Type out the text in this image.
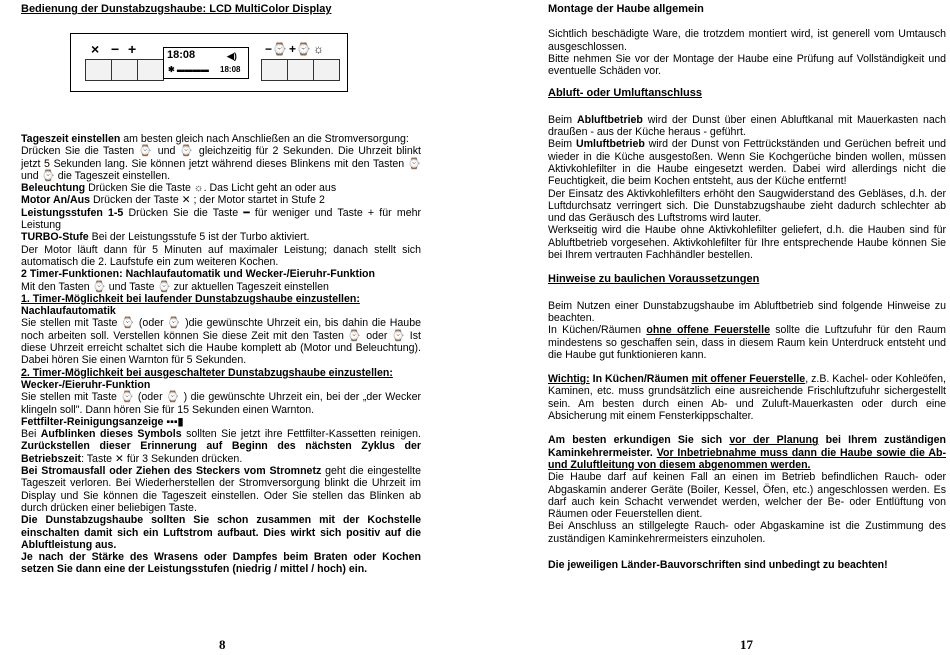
Bedienung der Dunstabzugshaube: LCD MultiColor Display
× − +	18:08	◀)
✱ ▬▬▬▬ 18:08
−⌚ +⌚ ☼

Tageszeit einstellen am besten gleich nach Anschließen an die Stromversorgung:

Drücken Sie die Tasten ⌚ und ⌚ gleichzeitig für 2 Sekunden. Die Uhrzeit blinkt jetzt 5 Sekunden lang. Sie können jetzt während dieses Blinkens mit den Tasten ⌚ und ⌚ die Tageszeit einstellen.

Beleuchtung Drücken Sie die Taste ☼. Das Licht geht an oder aus

Motor An/Aus Drücken der Taste ✕ ; der Motor startet in Stufe 2

Leistungsstufen 1-5 Drücken Sie die Taste ━ für weniger und Taste + für mehr Leistung

TURBO-Stufe Bei der Leistungsstufe 5 ist der Turbo aktiviert.

Der Motor läuft dann für 5 Minuten auf maximaler Leistung; danach stellt sich automatisch die 2. Laufstufe ein zum weiteren Kochen.

2 Timer-Funktionen: Nachlaufautomatik und Wecker-/Eieruhr-Funktion

Mit den Tasten ⌚ und Taste ⌚ zur aktuellen Tageszeit einstellen

1. Timer-Möglichkeit bei laufender Dunstabzugshaube einzustellen:

Nachlaufautomatik

Sie stellen mit Taste ⌚ (oder ⌚ )die gewünschte Uhrzeit ein, bis dahin die Haube noch arbeiten soll. Verstellen können Sie diese Zeit mit den Tasten ⌚ oder ⌚ Ist diese Uhrzeit erreicht schaltet sich die Haube komplett ab (Motor und Beleuchtung). Dabei hören Sie einen Warnton für 5 Sekunden.

2. Timer-Möglichkeit bei ausgeschalteter Dunstabzugshaube einzustellen:

Wecker-/Eieruhr-Funktion

Sie stellen mit Taste ⌚ (oder ⌚ ) die gewünschte Uhrzeit ein, bei der „der Wecker klingeln soll". Dann hören Sie für 15 Sekunden einen Warnton.

Fettfilter-Reinigungsanzeige ▪▪▪▮

Bei Aufblinken dieses Symbols sollten Sie jetzt ihre Fettfilter-Kassetten reinigen. Zurückstellen dieser Erinnerung auf Beginn des nächsten Zyklus der Betriebszeit: Taste ✕ für 3 Sekunden drücken.

Bei Stromausfall oder Ziehen des Steckers vom Stromnetz geht die eingestellte Tageszeit verloren. Bei Wiederherstellen der Stromversorgung blinkt die Uhrzeit im Display und Sie können die Tageszeit einstellen. Oder Sie stellen das Blinken ab durch drücken einer beliebigen Taste.

Die Dunstabzugshaube sollten Sie schon zusammen mit der Kochstelle einschalten damit sich ein Luftstrom aufbaut. Dies wirkt sich positiv auf die Abluftleistung aus.

Je nach der Stärke des Wrasens oder Dampfes beim Braten oder Kochen setzen Sie dann eine der Leistungsstufen (niedrig / mittel / hoch) ein.

8

Montage der Haube allgemein

Sichtlich beschädigte Ware, die trotzdem montiert wird, ist generell vom Umtausch ausgeschlossen.

Bitte nehmen Sie vor der Montage der Haube eine Prüfung auf Vollständigkeit und eventuelle Schäden vor.

Abluft- oder Umluftanschluss

Beim Abluftbetrieb wird der Dunst über einen Abluftkanal mit Mauerkasten nach draußen - aus der Küche heraus - geführt.

Beim Umluftbetrieb wird der Dunst von Fettrückständen und Gerüchen befreit und wieder in die Küche ausgestoßen. Wenn Sie Kochgerüche binden wollen, müssen Aktivkohlefilter in die Haube eingesetzt werden. Dabei wird allerdings nicht die Feuchtigkeit, die beim Kochen entsteht, aus der Küche entfernt!

Der Einsatz des Aktivkohlefilters erhöht den Saugwiderstand des Gebläses, d.h. der Luftdurchsatz verringert sich. Die Dunstabzugshaube zieht dadurch schlechter ab und das Geräusch des Luftstroms wird lauter.

Werkseitig wird die Haube ohne Aktivkohlefilter geliefert, d.h. die Hauben sind für Abluftbetrieb vorgesehen. Aktivkohlefilter für Ihre entsprechende Haube können Sie bei Ihrem vertrauten Fachhändler bestellen.

Hinweise zu baulichen Voraussetzungen

Beim Nutzen einer Dunstabzugshaube im Abluftbetrieb sind folgende Hinweise zu beachten.

In Küchen/Räumen ohne offene Feuerstelle sollte die Luftzufuhr für den Raum mindestens so geschaffen sein, dass in diesem Raum kein Unterdruck entsteht und die Haube gut funktionieren kann.

Wichtig: In Küchen/Räumen mit offener Feuerstelle, z.B. Kachel- oder Kohleöfen, Kaminen, etc. muss grundsätzlich eine ausreichende Frischluftzufuhr sichergestellt sein. Am besten durch einen Ab- und Zuluft-Mauerkasten oder durch eine Absicherung mit einem Fensterkippschalter.

Am besten erkundigen Sie sich vor der Planung bei Ihrem zuständigen Kaminkehrermeister. Vor Inbetriebnahme muss dann die Haube sowie die Ab- und Zuluftleitung von diesem abgenommen werden.

Die Haube darf auf keinen Fall an einen im Betrieb befindlichen Rauch- oder Abgaskamin anderer Geräte (Boiler, Kessel, Öfen, etc.) angeschlossen werden. Es darf auch kein Schacht verwendet werden, welcher der Be- oder Entlüftung von Räumen oder Feuerstellen dient.

Bei Anschluss an stillgelegte Rauch- oder Abgaskamine ist die Zustimmung des zuständigen Kaminkehrermeisters einzuholen.

Die jeweiligen Länder-Bauvorschriften sind unbedingt zu beachten!

17
